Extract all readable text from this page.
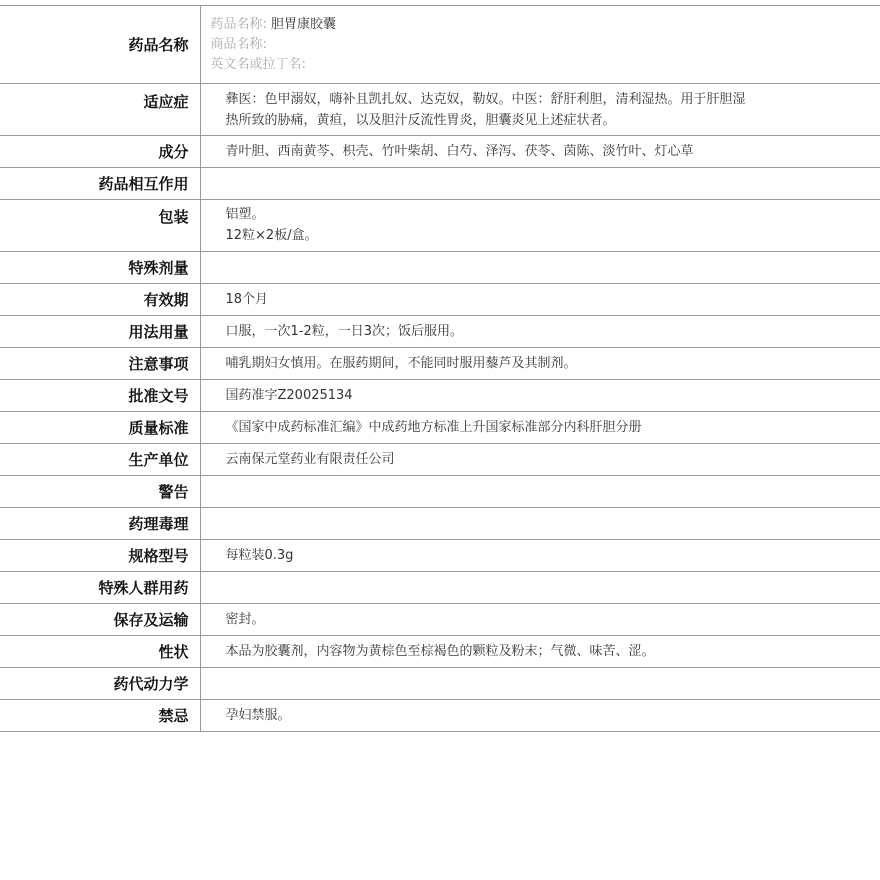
药品名称	药品名称: 胆胃康胶囊
商品名称:
英文名或拉丁名:

适应症	彝医：色甲溺奴，嗨补且凯扎奴、达克奴，勒奴。中医：舒肝利胆，清利湿热。用于肝胆湿
热所致的胁痛，黄疸，以及胆汁反流性胃炎，胆囊炎见上述症状者。

成分	青叶胆、西南黄芩、枳壳、竹叶柴胡、白芍、泽泻、茯苓、茵陈、淡竹叶、灯心草
药品相互作用	
包装	铝塑。
12粒×2板/盒。

特殊剂量	
有效期	18个月
用法用量	口服，一次1-2粒，一日3次；饭后服用。
注意事项	哺乳期妇女慎用。在服药期间，不能同时服用藜芦及其制剂。
批准文号	国药准字Z20025134
质量标准	《国家中成药标准汇编》中成药地方标准上升国家标准部分内科肝胆分册
生产单位	云南保元堂药业有限责任公司
警告	
药理毒理	
规格型号	每粒装0.3g
特殊人群用药	
保存及运输	密封。
性状	本品为胶囊剂，内容物为黄棕色至棕褐色的颗粒及粉末；气微、味苦、涩。
药代动力学	
禁忌	孕妇禁服。
